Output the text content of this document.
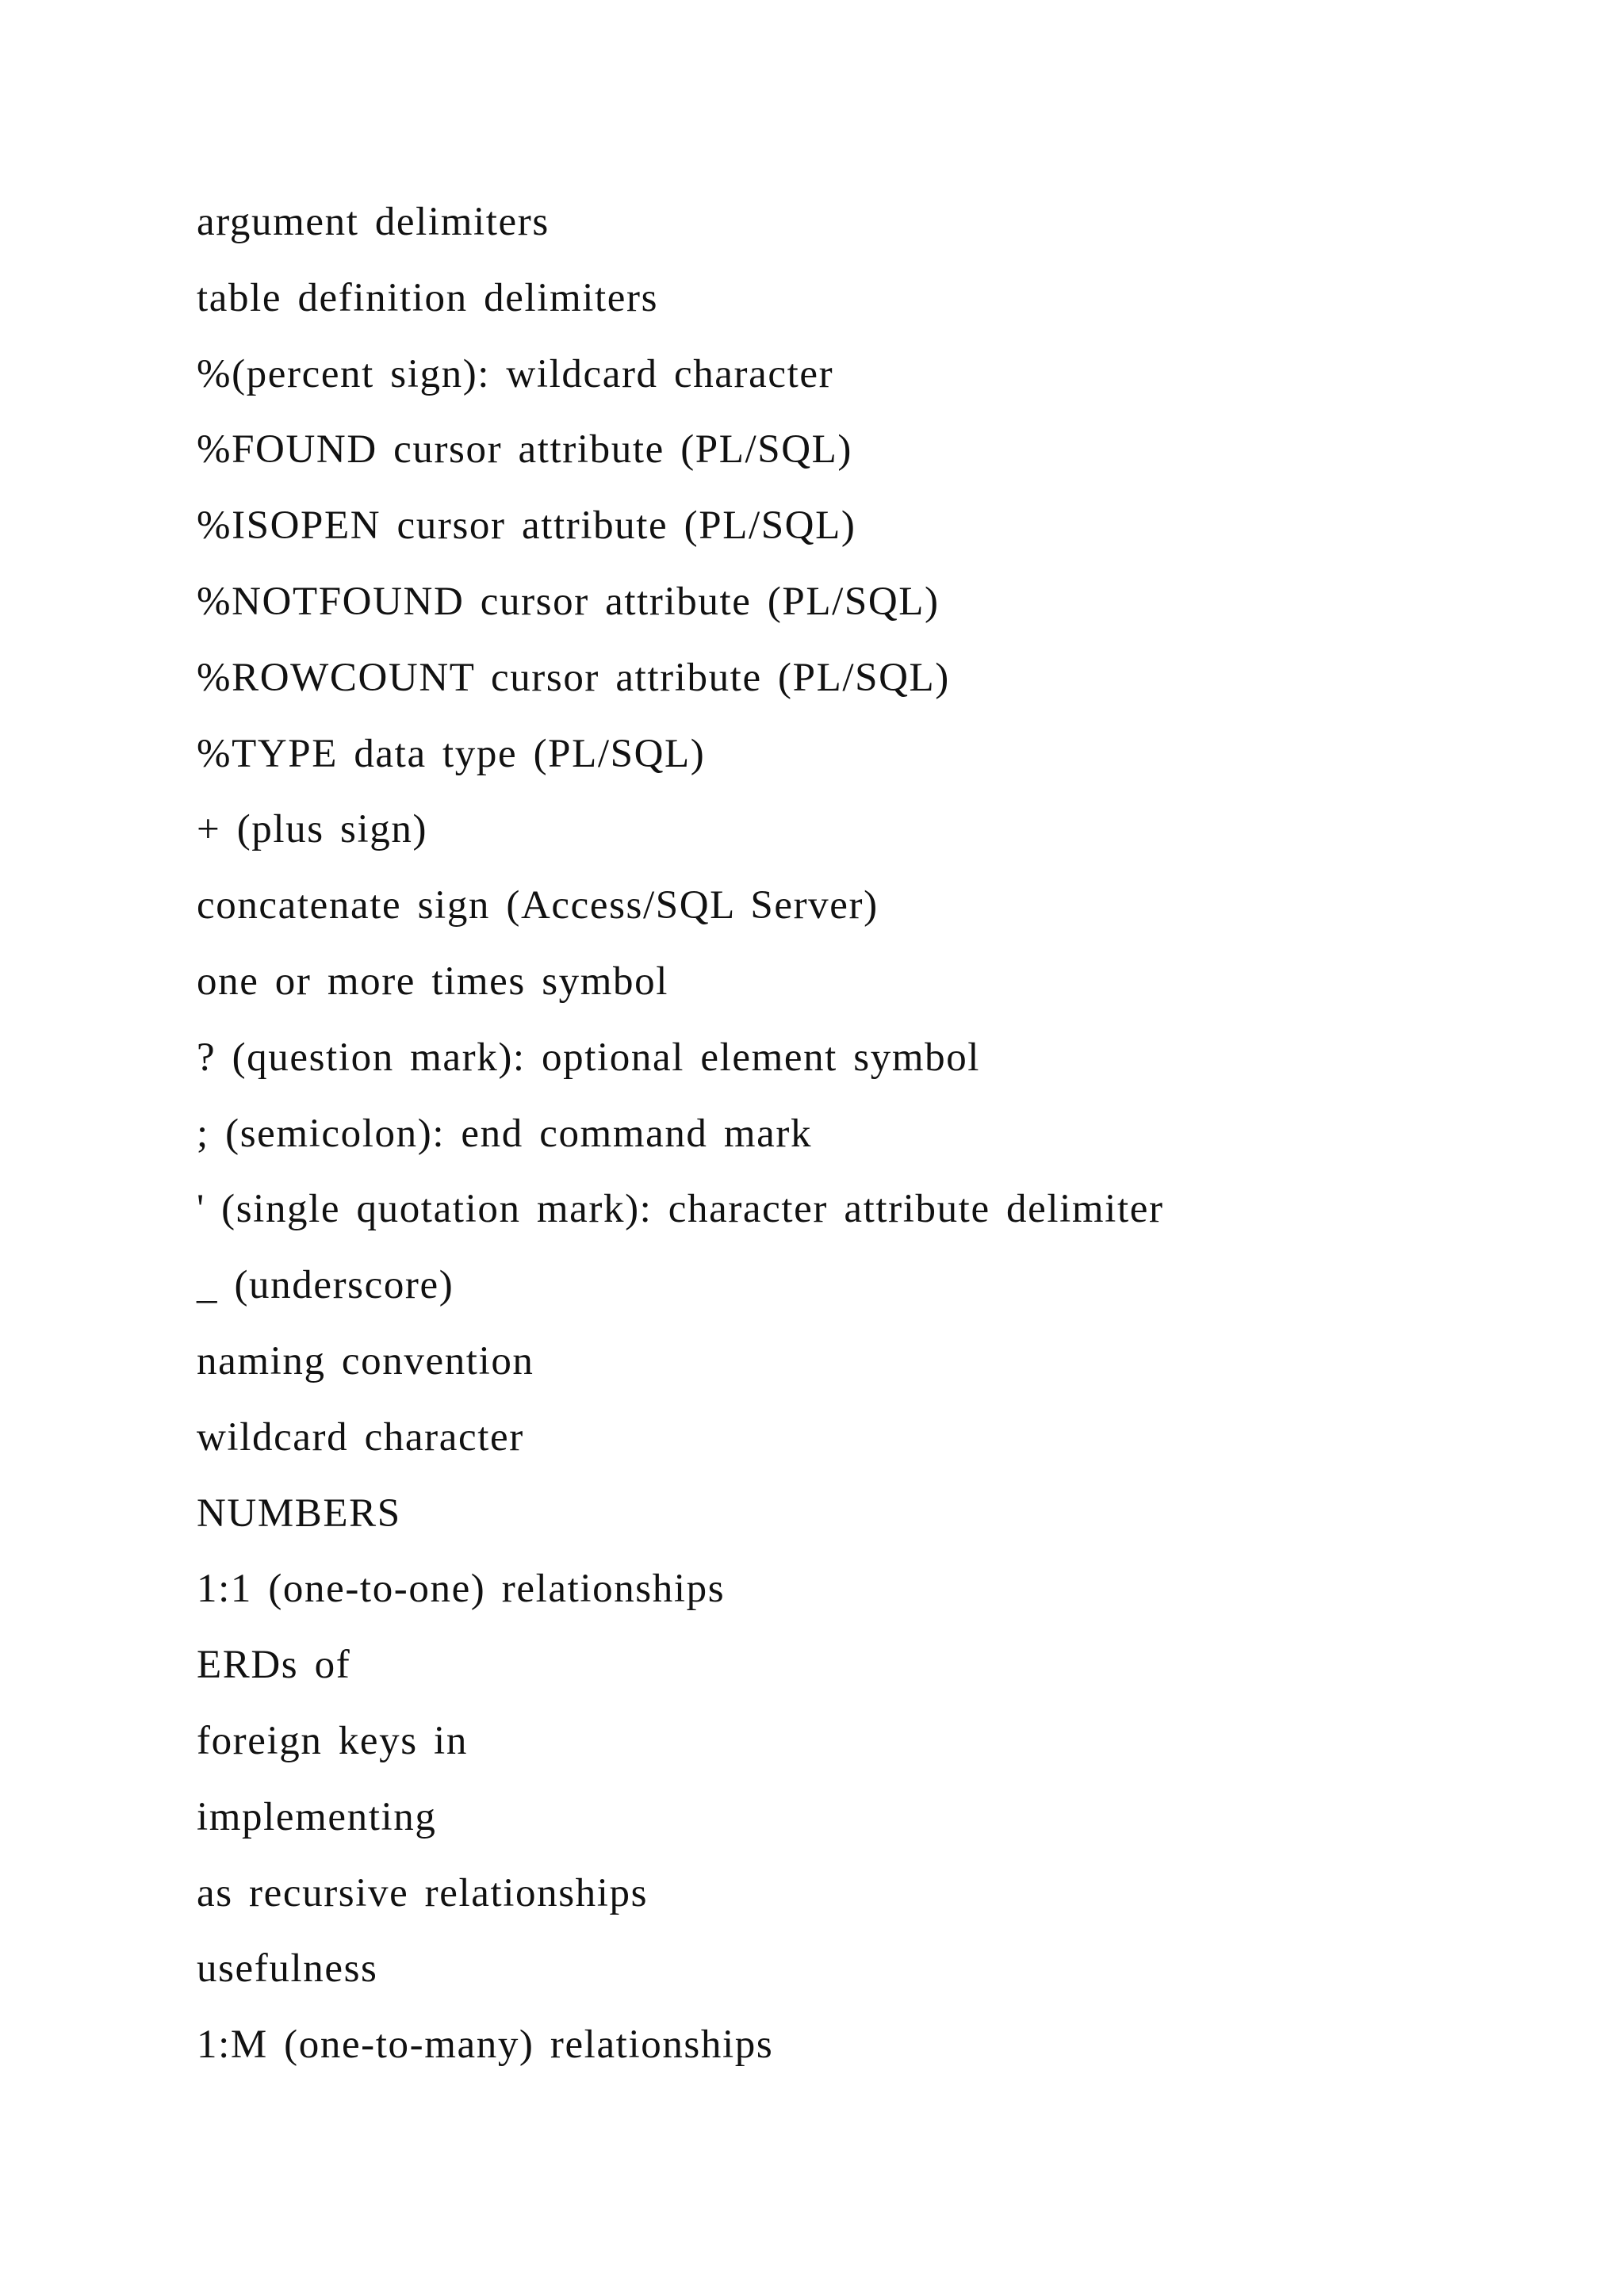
argument delimiters
table definition delimiters
%(percent sign): wildcard character
%FOUND cursor attribute (PL/SQL)
%ISOPEN cursor attribute (PL/SQL)
%NOTFOUND cursor attribute (PL/SQL)
%ROWCOUNT cursor attribute (PL/SQL)
%TYPE data type (PL/SQL)
+ (plus sign)
concatenate sign (Access/SQL Server)
one or more times symbol
? (question mark): optional element symbol
; (semicolon): end command mark
' (single quotation mark): character attribute delimiter
_ (underscore)
naming convention
wildcard character
NUMBERS
1:1 (one-to-one) relationships
ERDs of
foreign keys in
implementing
as recursive relationships
usefulness
1:M (one-to-many) relationships
